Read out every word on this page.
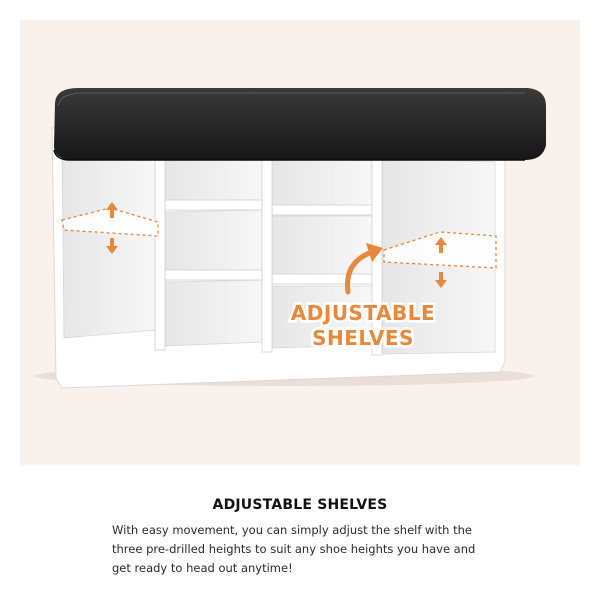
ADJUSTABLE
SHELVES
ADJUSTABLE SHELVES
With easy movement, you can simply adjust the shelf with the three pre-drilled heights to suit any shoe heights you have and get ready to head out anytime!
